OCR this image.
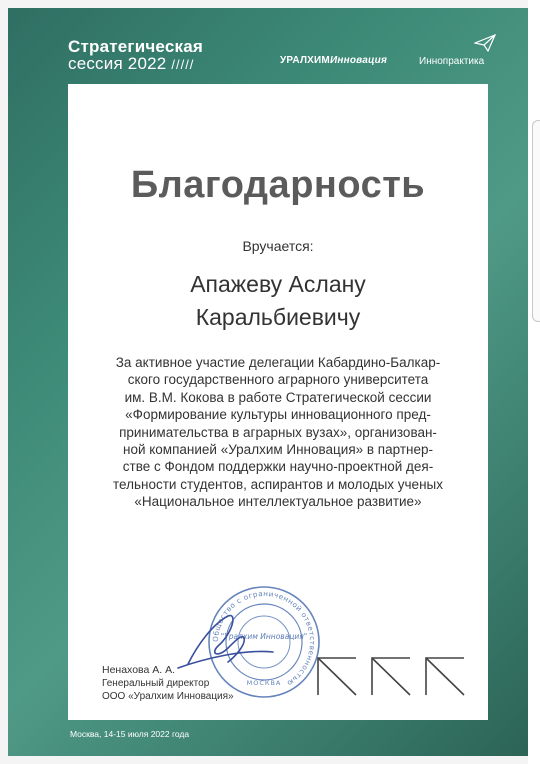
Стратегическая
сессия 2022 /////	УРАЛХИМИнновация	Иннопрактика
Благодарность
Вручается:
Апажеву Аслану
Каральбиевичу
За активное участие делегации Кабардино-Балкар-
ского государственного аграрного университета
им. В.М. Кокова в работе Стратегической сессии
«Формирование культуры инновационного пред-
принимательства в аграрных вузах», организован-
ной компанией «Уралхим Инновация» в партнер-
стве с Фондом поддержки научно-проектной дея-
тельности студентов, аспирантов и молодых ученых
«Национальное интеллектуальное развитие»
Общество с ограниченной ответственностью
"Уралхим Инновация"
МОСКВА
Ненахова А. А.
Генеральный директор
ООО «Уралхим Инновация»
Москва, 14-15 июля 2022 года
